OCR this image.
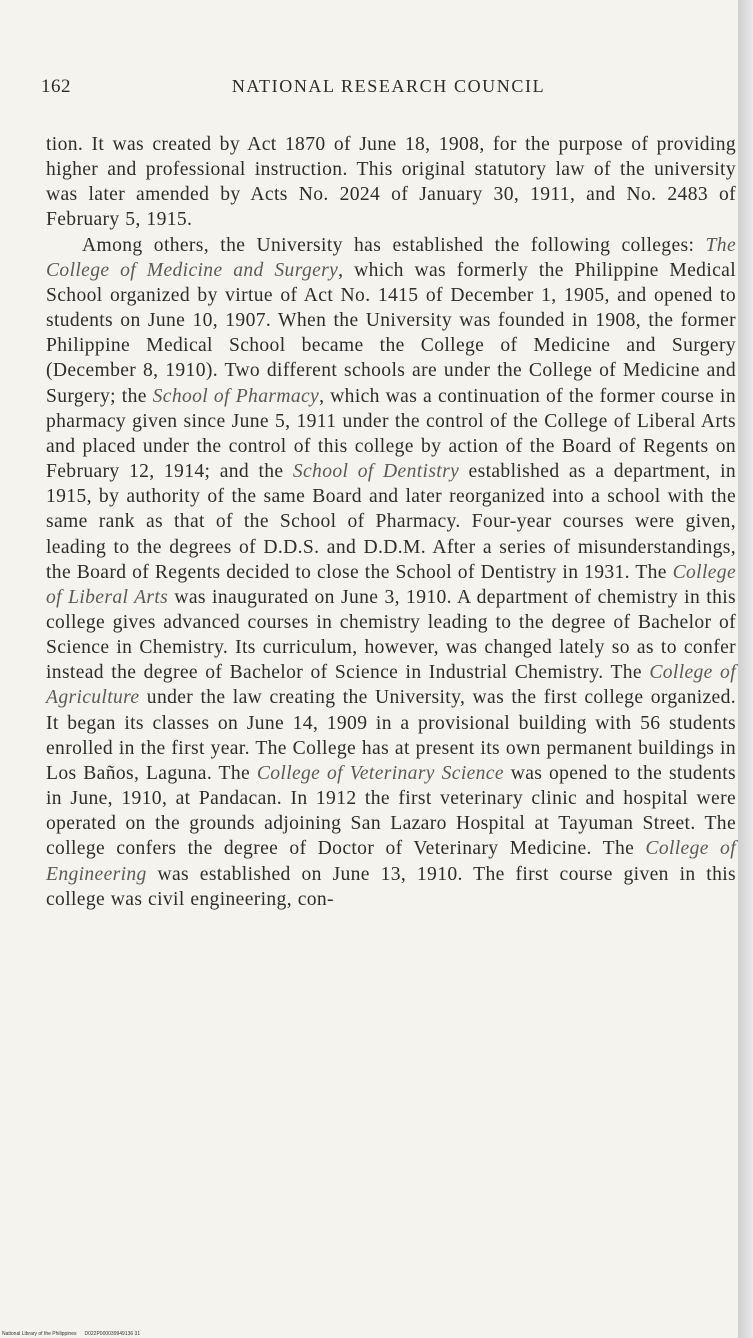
162	NATIONAL RESEARCH COUNCIL

tion. It was created by Act 1870 of June 18, 1908, for the purpose of providing higher and professional instruction. This original statutory law of the university was later amended by Acts No. 2024 of January 30, 1911, and No. 2483 of February 5, 1915.

Among others, the University has established the following colleges: The College of Medicine and Surgery, which was formerly the Philippine Medical School organized by virtue of Act No. 1415 of December 1, 1905, and opened to students on June 10, 1907. When the University was founded in 1908, the former Philippine Medical School became the College of Medicine and Surgery (December 8, 1910). Two different schools are under the College of Medicine and Surgery; the School of Pharmacy, which was a continuation of the former course in pharmacy given since June 5, 1911 under the control of the College of Liberal Arts and placed under the control of this college by action of the Board of Regents on February 12, 1914; and the School of Dentistry established as a department, in 1915, by authority of the same Board and later reorganized into a school with the same rank as that of the School of Pharmacy. Four-year courses were given, leading to the degrees of D.D.S. and D.D.M. After a series of misunderstandings, the Board of Regents decided to close the School of Dentistry in 1931. The College of Liberal Arts was inaugurated on June 3, 1910. A department of chemistry in this college gives advanced courses in chemistry leading to the degree of Bachelor of Science in Chemistry. Its curriculum, however, was changed lately so as to confer instead the degree of Bachelor of Science in Industrial Chemistry. The College of Agriculture under the law creating the University, was the first college organized. It began its classes on June 14, 1909 in a provisional building with 56 students enrolled in the first year. The College has at present its own permanent buildings in Los Baños, Laguna. The College of Veterinary Science was opened to the students in June, 1910, at Pandacan. In 1912 the first veterinary clinic and hospital were operated on the grounds adjoining San Lazaro Hospital at Tayuman Street. The college confers the degree of Doctor of Veterinary Medicine. The College of Engineering was established on June 13, 1910. The first course given in this college was civil engineering, con-

National Library of the Philippines D022P000039949136 31
